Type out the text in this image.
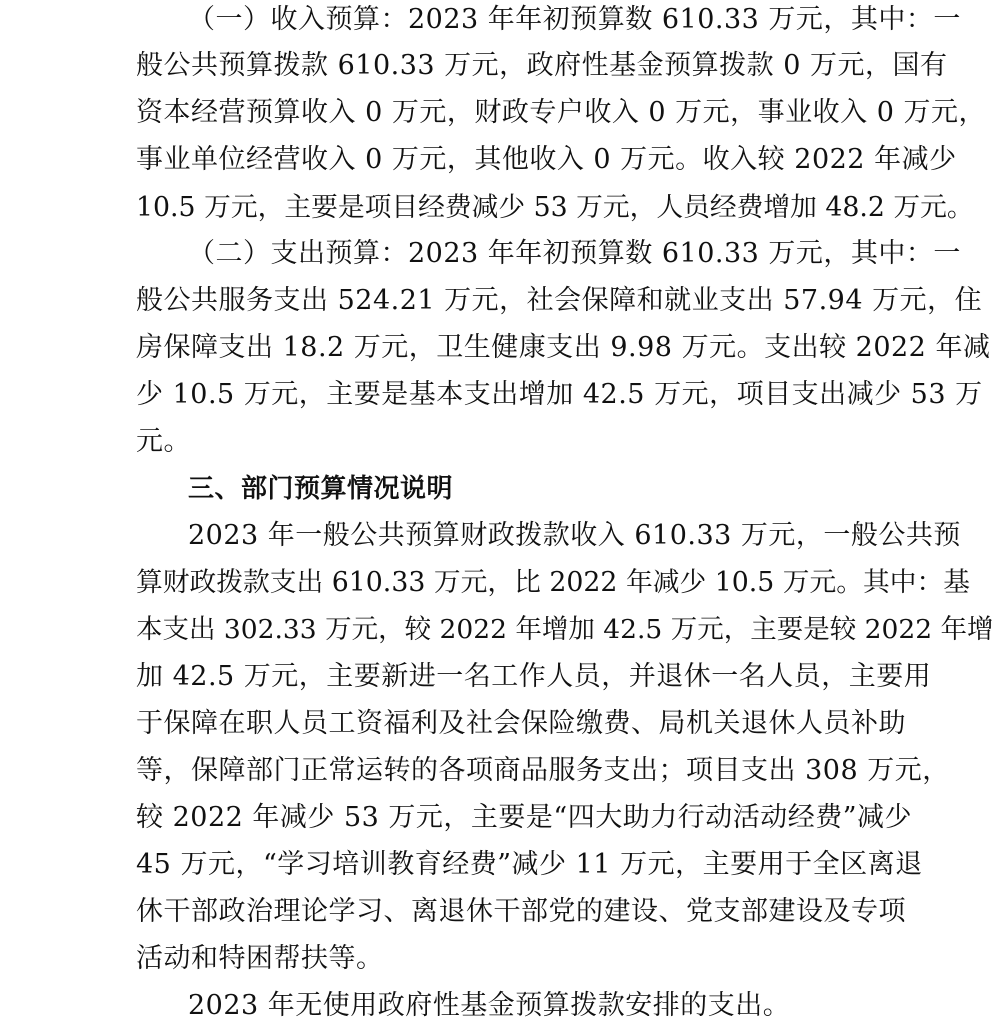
（一）收入预算：2023 年年初预算数 610.33 万元，其中：一
般公共预算拨款 610.33 万元，政府性基金预算拨款 0 万元，国有
资本经营预算收入 0 万元，财政专户收入 0 万元，事业收入 0 万元，
事业单位经营收入 0 万元，其他收入 0 万元。收入较 2022 年减少
10.5 万元，主要是项目经费减少 53 万元，人员经费增加 48.2 万元。
（二）支出预算：2023 年年初预算数 610.33 万元，其中：一
般公共服务支出 524.21 万元，社会保障和就业支出 57.94 万元，住
房保障支出 18.2 万元，卫生健康支出 9.98 万元。支出较 2022 年减
少 10.5 万元，主要是基本支出增加 42.5 万元，项目支出减少 53 万
元。
三、部门预算情况说明
2023 年一般公共预算财政拨款收入 610.33 万元，一般公共预
算财政拨款支出 610.33 万元，比 2022 年减少 10.5 万元。其中：基
本支出 302.33 万元，较 2022 年增加 42.5 万元，主要是较 2022 年增
加 42.5 万元，主要新进一名工作人员，并退休一名人员，主要用
于保障在职人员工资福利及社会保险缴费、局机关退休人员补助
等，保障部门正常运转的各项商品服务支出；项目支出 308 万元，
较 2022 年减少 53 万元，主要是“四大助力行动活动经费”减少
45 万元，“学习培训教育经费”减少 11 万元，主要用于全区离退
休干部政治理论学习、离退休干部党的建设、党支部建设及专项
活动和特困帮扶等。
2023 年无使用政府性基金预算拨款安排的支出。
